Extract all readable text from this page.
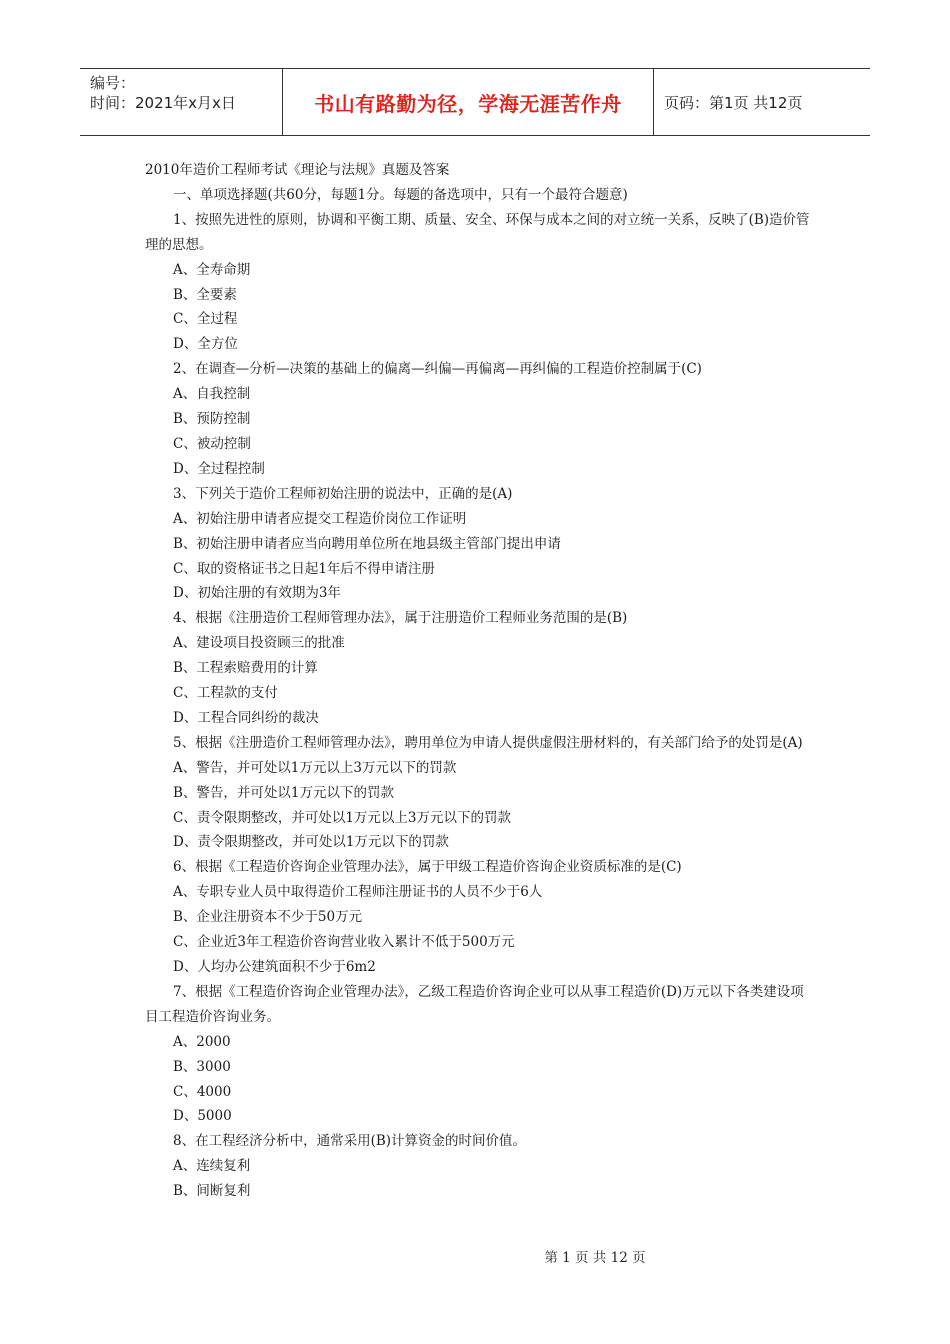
编号：
时间：2021年x月x日	书山有路勤为径，学海无涯苦作舟	页码：第1页 共12页

2010年造价工程师考试《理论与法规》真题及答案

一、单项选择题(共60分，每题1分。每题的备选项中，只有一个最符合题意)

1、按照先进性的原则，协调和平衡工期、质量、安全、环保与成本之间的对立统一关系，反映了(B)造价管理的思想。

A、全寿命期

B、全要素

C、全过程

D、全方位

2、在调查—分析—决策的基础上的偏离—纠偏—再偏离—再纠偏的工程造价控制属于(C)

A、自我控制

B、预防控制

C、被动控制

D、全过程控制

3、下列关于造价工程师初始注册的说法中，正确的是(A)

A、初始注册申请者应提交工程造价岗位工作证明

B、初始注册申请者应当向聘用单位所在地县级主管部门提出申请

C、取的资格证书之日起1年后不得申请注册

D、初始注册的有效期为3年

4、根据《注册造价工程师管理办法》，属于注册造价工程师业务范围的是(B)

A、建设项目投资顾三的批准

B、工程索赔费用的计算

C、工程款的支付

D、工程合同纠纷的裁决

5、根据《注册造价工程师管理办法》，聘用单位为申请人提供虚假注册材料的，有关部门给予的处罚是(A)

A、警告，并可处以1万元以上3万元以下的罚款

B、警告，并可处以1万元以下的罚款

C、责令限期整改，并可处以1万元以上3万元以下的罚款

D、责令限期整改，并可处以1万元以下的罚款

6、根据《工程造价咨询企业管理办法》，属于甲级工程造价咨询企业资质标准的是(C)

A、专职专业人员中取得造价工程师注册证书的人员不少于6人

B、企业注册资本不少于50万元

C、企业近3年工程造价咨询营业收入累计不低于500万元

D、人均办公建筑面积不少于6m2

7、根据《工程造价咨询企业管理办法》，乙级工程造价咨询企业可以从事工程造价(D)万元以下各类建设项目工程造价咨询业务。

A、2000

B、3000

C、4000

D、5000

8、在工程经济分析中，通常采用(B)计算资金的时间价值。

A、连续复利

B、间断复利

第 1 页 共 12 页
